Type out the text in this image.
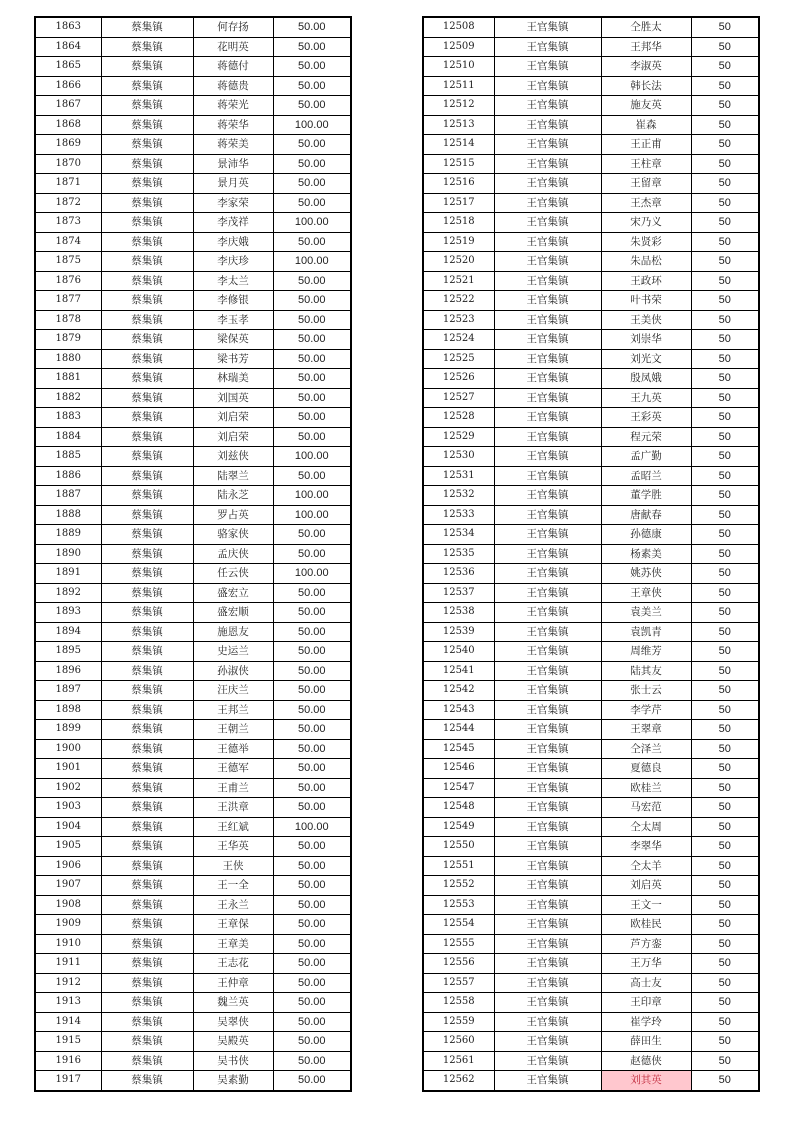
1863	蔡集镇	何存扬	50.00
1864	蔡集镇	花明英	50.00
1865	蔡集镇	蒋德付	50.00
1866	蔡集镇	蒋德贵	50.00
1867	蔡集镇	蒋荣光	50.00
1868	蔡集镇	蒋荣华	100.00
1869	蔡集镇	蒋荣美	50.00
1870	蔡集镇	景沛华	50.00
1871	蔡集镇	景月英	50.00
1872	蔡集镇	李家荣	50.00
1873	蔡集镇	李茂祥	100.00
1874	蔡集镇	李庆娥	50.00
1875	蔡集镇	李庆珍	100.00
1876	蔡集镇	李太兰	50.00
1877	蔡集镇	李修银	50.00
1878	蔡集镇	李玉孝	50.00
1879	蔡集镇	梁保英	50.00
1880	蔡集镇	梁书芳	50.00
1881	蔡集镇	林瑞美	50.00
1882	蔡集镇	刘国英	50.00
1883	蔡集镇	刘启荣	50.00
1884	蔡集镇	刘启荣	50.00
1885	蔡集镇	刘兹侠	100.00
1886	蔡集镇	陆翠兰	50.00
1887	蔡集镇	陆永芝	100.00
1888	蔡集镇	罗占英	100.00
1889	蔡集镇	骆家侠	50.00
1890	蔡集镇	孟庆侠	50.00
1891	蔡集镇	任云侠	100.00
1892	蔡集镇	盛宏立	50.00
1893	蔡集镇	盛宏顺	50.00
1894	蔡集镇	施恩友	50.00
1895	蔡集镇	史运兰	50.00
1896	蔡集镇	孙淑侠	50.00
1897	蔡集镇	汪庆兰	50.00
1898	蔡集镇	王邦兰	50.00
1899	蔡集镇	王朝兰	50.00
1900	蔡集镇	王德举	50.00
1901	蔡集镇	王德军	50.00
1902	蔡集镇	王甫兰	50.00
1903	蔡集镇	王洪章	50.00
1904	蔡集镇	王红斌	100.00
1905	蔡集镇	王华英	50.00
1906	蔡集镇	王侠	50.00
1907	蔡集镇	王一全	50.00
1908	蔡集镇	王永兰	50.00
1909	蔡集镇	王章保	50.00
1910	蔡集镇	王章美	50.00
1911	蔡集镇	王志花	50.00
1912	蔡集镇	王仲章	50.00
1913	蔡集镇	魏兰英	50.00
1914	蔡集镇	吴翠侠	50.00
1915	蔡集镇	吴殿英	50.00
1916	蔡集镇	吴书侠	50.00
1917	蔡集镇	吴素勤	50.00
12508	王官集镇	仝胜太	50
12509	王官集镇	王邦华	50
12510	王官集镇	李淑英	50
12511	王官集镇	韩长法	50
12512	王官集镇	施友英	50
12513	王官集镇	崔森	50
12514	王官集镇	王正甫	50
12515	王官集镇	王柱章	50
12516	王官集镇	王留章	50
12517	王官集镇	王杰章	50
12518	王官集镇	宋乃义	50
12519	王官集镇	朱贤彩	50
12520	王官集镇	朱品松	50
12521	王官集镇	王政环	50
12522	王官集镇	叶书荣	50
12523	王官集镇	王美侠	50
12524	王官集镇	刘崇华	50
12525	王官集镇	刘光文	50
12526	王官集镇	殷凤娥	50
12527	王官集镇	王九英	50
12528	王官集镇	王彩英	50
12529	王官集镇	程元荣	50
12530	王官集镇	孟广勤	50
12531	王官集镇	孟昭兰	50
12532	王官集镇	董学胜	50
12533	王官集镇	唐献春	50
12534	王官集镇	孙德康	50
12535	王官集镇	杨素美	50
12536	王官集镇	姚苏侠	50
12537	王官集镇	王章侠	50
12538	王官集镇	袁美兰	50
12539	王官集镇	袁凯青	50
12540	王官集镇	周维芳	50
12541	王官集镇	陆其友	50
12542	王官集镇	张士云	50
12543	王官集镇	李学芹	50
12544	王官集镇	王翠章	50
12545	王官集镇	仝泽兰	50
12546	王官集镇	夏德良	50
12547	王官集镇	欧桂兰	50
12548	王官集镇	马宏范	50
12549	王官集镇	仝太周	50
12550	王官集镇	李翠华	50
12551	王官集镇	仝太羊	50
12552	王官集镇	刘启英	50
12553	王官集镇	王文一	50
12554	王官集镇	欧桂民	50
12555	王官集镇	芦方銮	50
12556	王官集镇	王万华	50
12557	王官集镇	高士友	50
12558	王官集镇	王印章	50
12559	王官集镇	崔学玲	50
12560	王官集镇	薛田生	50
12561	王官集镇	赵德侠	50
12562	王官集镇	刘其英	50
